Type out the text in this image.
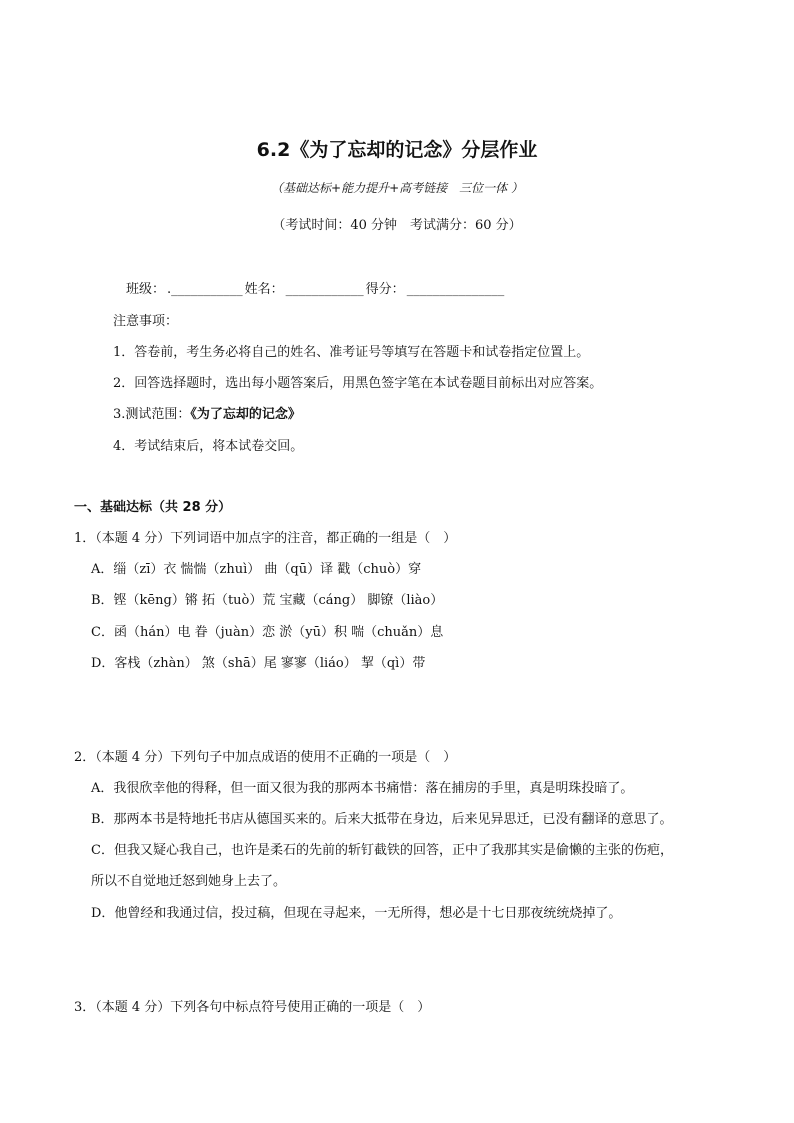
6.2《为了忘却的记念》分层作业
（基础达标+能力提升+高考链接　三位一体 ）
（考试时间：40 分钟　考试满分：60 分）
班级： .___________ 姓名： ____________ 得分： _______________
注意事项：
1．答卷前，考生务必将自己的姓名、准考证号等填写在答题卡和试卷指定位置上。
2．回答选择题时，选出每小题答案后，用黑色签字笔在本试卷题目前标出对应答案。
3.测试范围：《为了忘却的记念》
4．考试结束后，将本试卷交回。
一、基础达标（共 28 分）
1．（本题 4 分）下列词语中加点字的注音，都正确的一组是（　）
A．缁（zī）衣 惴惴（zhuì） 曲（qū）译 戳（chuò）穿
B．铿（kēng）锵 拓（tuò）荒 宝藏（cáng） 脚镣（liào）
C．函（hán）电 眷（juàn）恋 淤（yū）积 喘（chuǎn）息
D．客栈（zhàn） 煞（shā）尾 寥寥（liáo） 挈（qì）带
2．（本题 4 分）下列句子中加点成语的使用不正确的一项是（　）
A．我很欣幸他的得释，但一面又很为我的那两本书痛惜：落在捕房的手里，真是明珠投暗了。
B．那两本书是特地托书店从德国买来的。后来大抵带在身边，后来见异思迁，已没有翻译的意思了。
C．但我又疑心我自己，也许是柔石的先前的斩钉截铁的回答，正中了我那其实是偷懒的主张的伤疤，
所以不自觉地迁怒到她身上去了。
D．他曾经和我通过信，投过稿，但现在寻起来，一无所得，想必是十七日那夜统统烧掉了。
3．（本题 4 分）下列各句中标点符号使用正确的一项是（　）
